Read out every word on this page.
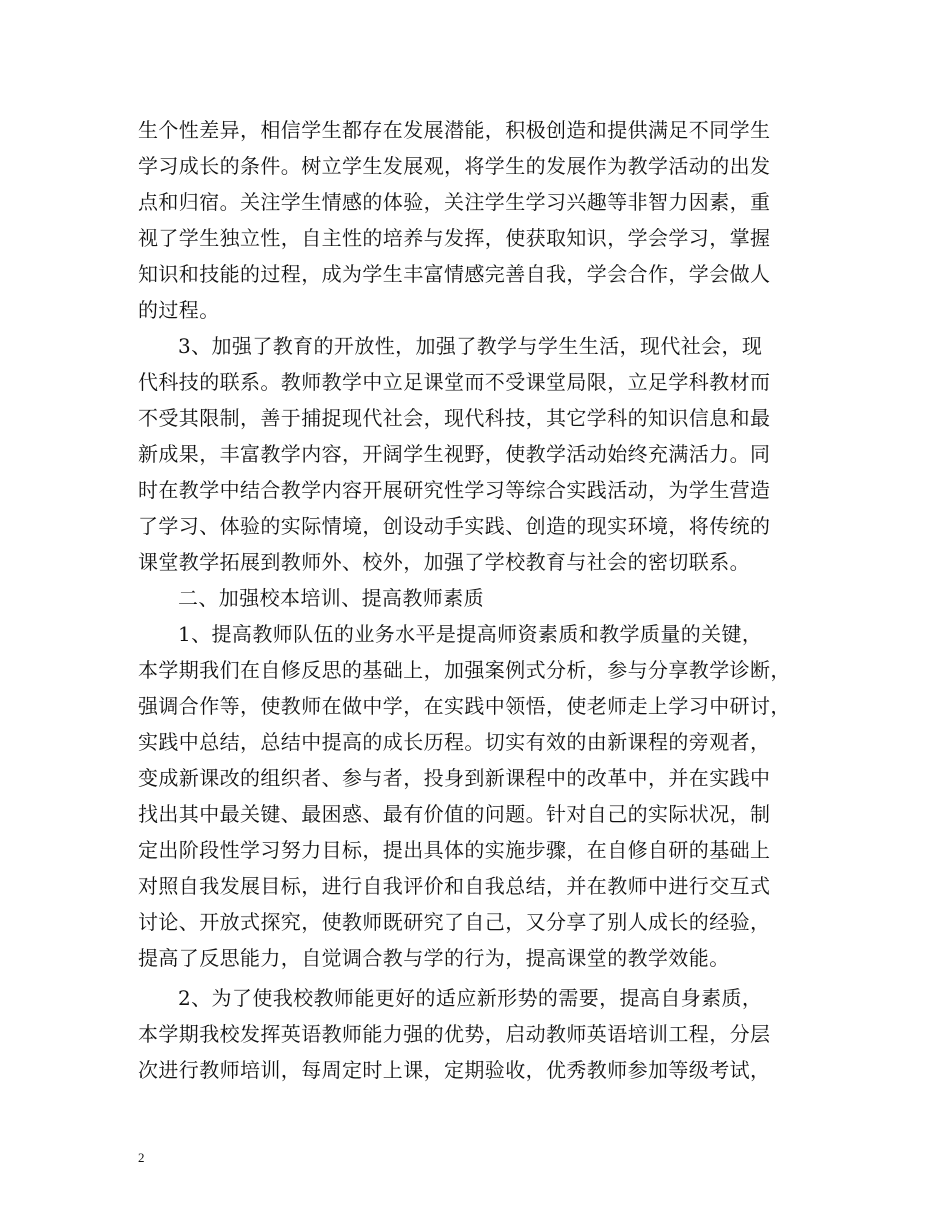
生个性差异，相信学生都存在发展潜能，积极创造和提供满足不同学生
学习成长的条件。树立学生发展观，将学生的发展作为教学活动的出发
点和归宿。关注学生情感的体验，关注学生学习兴趣等非智力因素，重
视了学生独立性，自主性的培养与发挥，使获取知识，学会学习，掌握
知识和技能的过程，成为学生丰富情感完善自我，学会合作，学会做人
的过程。
3、加强了教育的开放性，加强了教学与学生生活，现代社会，现
代科技的联系。教师教学中立足课堂而不受课堂局限，立足学科教材而
不受其限制，善于捕捉现代社会，现代科技，其它学科的知识信息和最
新成果，丰富教学内容，开阔学生视野，使教学活动始终充满活力。同
时在教学中结合教学内容开展研究性学习等综合实践活动，为学生营造
了学习、体验的实际情境，创设动手实践、创造的现实环境，将传统的
课堂教学拓展到教师外、校外，加强了学校教育与社会的密切联系。
二、加强校本培训、提高教师素质
1、提高教师队伍的业务水平是提高师资素质和教学质量的关键，
本学期我们在自修反思的基础上，加强案例式分析，参与分享教学诊断，
强调合作等，使教师在做中学，在实践中领悟，使老师走上学习中研讨，
实践中总结，总结中提高的成长历程。切实有效的由新课程的旁观者，
变成新课改的组织者、参与者，投身到新课程中的改革中，并在实践中
找出其中最关键、最困惑、最有价值的问题。针对自己的实际状况，制
定出阶段性学习努力目标，提出具体的实施步骤，在自修自研的基础上
对照自我发展目标，进行自我评价和自我总结，并在教师中进行交互式
讨论、开放式探究，使教师既研究了自己，又分享了别人成长的经验，
提高了反思能力，自觉调合教与学的行为，提高课堂的教学效能。
2、为了使我校教师能更好的适应新形势的需要，提高自身素质，
本学期我校发挥英语教师能力强的优势，启动教师英语培训工程，分层
次进行教师培训，每周定时上课，定期验收，优秀教师参加等级考试，
2
